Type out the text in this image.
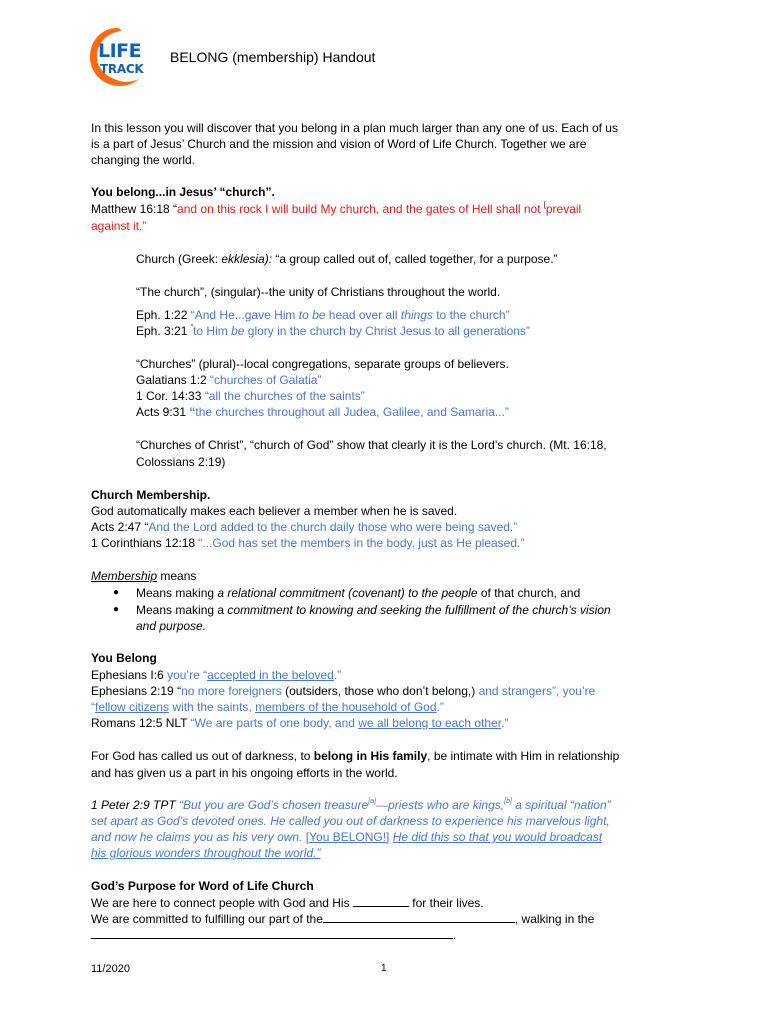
LIFE
TRACK
BELONG (membership) Handout
In this lesson you will discover that you belong in a plan much larger than any one of us. Each of us
is a part of Jesus’ Church and the mission and vision of Word of Life Church. Together we are
changing the world.
You belong...in Jesus’ “church”.
Matthew 16:18 “and on this rock I will build My church, and the gates of Hell shall not [prevail
against it.”
Church (Greek: ekklesia): “a group called out of, called together, for a purpose.”
“The church”, (singular)--the unity of Christians throughout the world.
Eph. 1:22 “And He...gave Him to be head over all things to the church”
Eph. 3:21 “to Him be glory in the church by Christ Jesus to all generations”
“Churches” (plural)--local congregations, separate groups of believers.
Galatians 1:2 “churches of Galatia”
1 Cor. 14:33 “all the churches of the saints”
Acts 9:31 “the churches throughout all Judea, Galilee, and Samaria...”
“Churches of Christ”, “church of God” show that clearly it is the Lord’s church. (Mt. 16:18,
Colossians 2:19)
Church Membership.
God automatically makes each believer a member when he is saved.
Acts 2:47 “And the Lord added to the church daily those who were being saved.”
1 Corinthians 12:18 “...God has set the members in the body, just as He pleased.”
Membership means
● Means making a relational commitment (covenant) to the people of that church, and
● Means making a commitment to knowing and seeking the fulfillment of the church’s vision
and purpose.
You Belong
Ephesians I:6 you’re “accepted in the beloved.”
Ephesians 2:19 “no more foreigners (outsiders, those who don’t belong,) and strangers”, you’re
“fellow citizens with the saints, members of the household of God.”
Romans 12:5 NLT “We are parts of one body, and we all belong to each other.”
For God has called us out of darkness, to belong in His family, be intimate with Him in relationship
and has given us a part in his ongoing efforts in the world.
1 Peter 2:9 TPT “But you are God’s chosen treasure[a]—priests who are kings,[b] a spiritual “nation”
set apart as God’s devoted ones. He called you out of darkness to experience his marvelous light,
and now he claims you as his very own. [You BELONG!] He did this so that you would broadcast
his glorious wonders throughout the world.”
God’s Purpose for Word of Life Church
We are here to connect people with God and His	for their lives.
We are committed to fulfilling our part of the	, walking in the
.
11/2020	1
